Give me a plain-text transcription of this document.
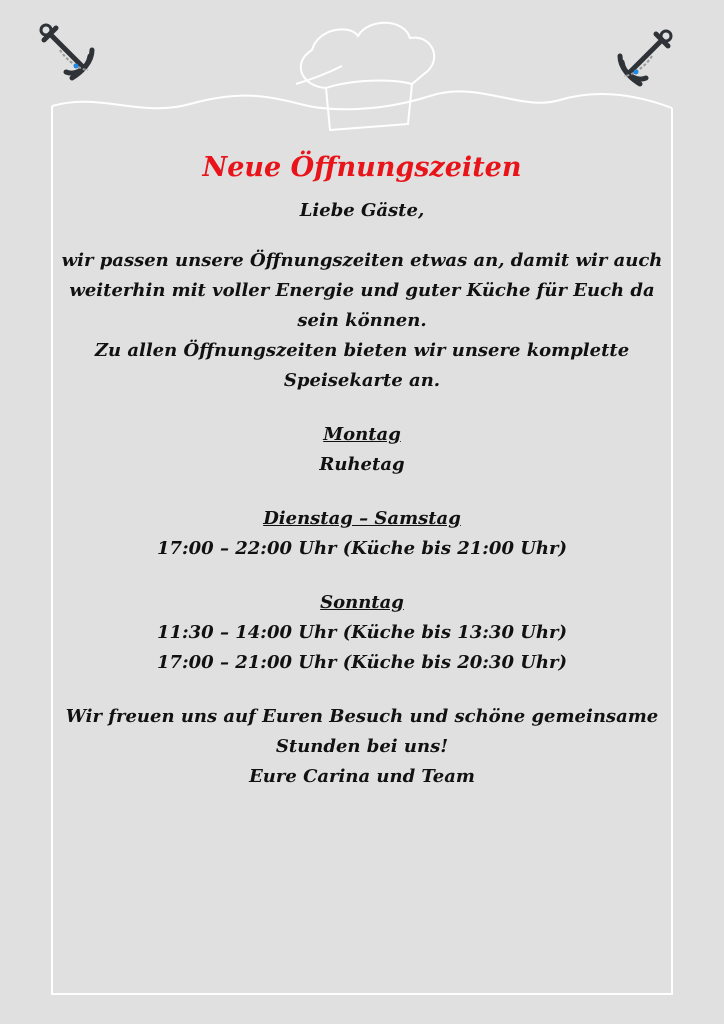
Neue Öffnungszeiten

Liebe Gäste,

wir passen unsere Öffnungszeiten etwas an, damit wir auch

weiterhin mit voller Energie und guter Küche für Euch da

sein können.

Zu allen Öffnungszeiten bieten wir unsere komplette

Speisekarte an.

Montag

Ruhetag

Dienstag – Samstag

17:00 – 22:00 Uhr (Küche bis 21:00 Uhr)

Sonntag

11:30 – 14:00 Uhr (Küche bis 13:30 Uhr)

17:00 – 21:00 Uhr (Küche bis 20:30 Uhr)

Wir freuen uns auf Euren Besuch und schöne gemeinsame

Stunden bei uns!

Eure Carina und Team
